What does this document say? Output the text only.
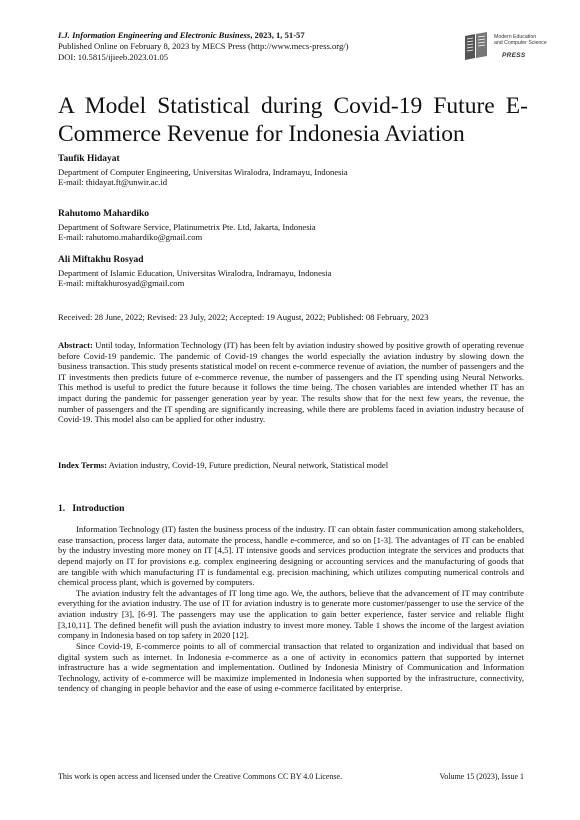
I.J. Information Engineering and Electronic Business, 2023, 1, 51-57
Published Online on February 8, 2023 by MECS Press (http://www.mecs-press.org/)
DOI: 10.5815/ijieeb.2023.01.05
Modern Education
and Computer Science
PRESS
A Model Statistical during Covid-19 Future E-Commerce Revenue for Indonesia Aviation
Taufik Hidayat
Department of Computer Engineering, Universitas Wiralodra, Indramayu, Indonesia
E-mail: thidayat.ft@unwir.ac.id
Rahutomo Mahardiko
Department of Software Service, Platinumetrix Pte. Ltd, Jakarta, Indonesia
E-mail: rahutomo.mahardiko@gmail.com
Ali Miftakhu Rosyad
Department of Islamic Education, Universitas Wiralodra, Indramayu, Indonesia
E-mail: miftakhurosyad@gmail.com
Received: 28 June, 2022; Revised: 23 July, 2022; Accepted: 19 August, 2022; Published: 08 February, 2023
Abstract: Until today, Information Technology (IT) has been felt by aviation industry showed by positive growth of operating revenue before Covid-19 pandemic. The pandemic of Covid-19 changes the world especially the aviation industry by slowing down the business transaction. This study presents statistical model on recent e-commerce revenue of aviation, the number of passengers and the IT investments then predicts future of e-commerce revenue, the number of passengers and the IT spending using Neural Networks. This method is useful to predict the future because it follows the time being. The chosen variables are intended whether IT has an impact during the pandemic for passenger generation year by year. The results show that for the next few years, the revenue, the number of passengers and the IT spending are significantly increasing, while there are problems faced in aviation industry because of Covid-19. This model also can be applied for other industry.
Index Terms: Aviation industry, Covid-19, Future prediction, Neural network, Statistical model
1.   Introduction

Information Technology (IT) fasten the business process of the industry. IT can obtain faster communication among stakeholders, ease transaction, process larger data, automate the process, handle e-commerce, and so on [1-3]. The advantages of IT can be enabled by the industry investing more money on IT [4,5]. IT intensive goods and services production integrate the services and products that depend majorly on IT for provisions e.g. complex engineering designing or accounting services and the manufacturing of goods that are tangible with which manufacturing IT is fundamental e.g. precision machining, which utilizes computing numerical controls and chemical process plant, which is governed by computers.

The aviation industry felt the advantages of IT long time ago. We, the authors, believe that the advancement of IT may contribute everything for the aviation industry. The use of IT for aviation industry is to generate more customer/passenger to use the service of the aviation industry [3], [6-9]. The passengers may use the application to gain better experience, faster service and reliable flight [3,10,11]. The defined benefit will push the aviation industry to invest more money. Table 1 shows the income of the largest aviation company in Indonesia based on top safety in 2020 [12].

Since Covid-19, E-commerce points to all of commercial transaction that related to organization and individual that based on digital system such as internet. In Indonesia e-commerce as a one of activity in economics pattern that supported by internet infrastructure has a wide segmentation and implementation. Outlined by Indonesia Ministry of Communication and Information Technology, activity of e-commerce will be maximize implemented in Indonesia when supported by the infrastructure, connectivity, tendency of changing in people behavior and the ease of using e-commerce facilitated by enterprise.

This work is open access and licensed under the Creative Commons CC BY 4.0 License.	Volume 15 (2023), Issue 1
